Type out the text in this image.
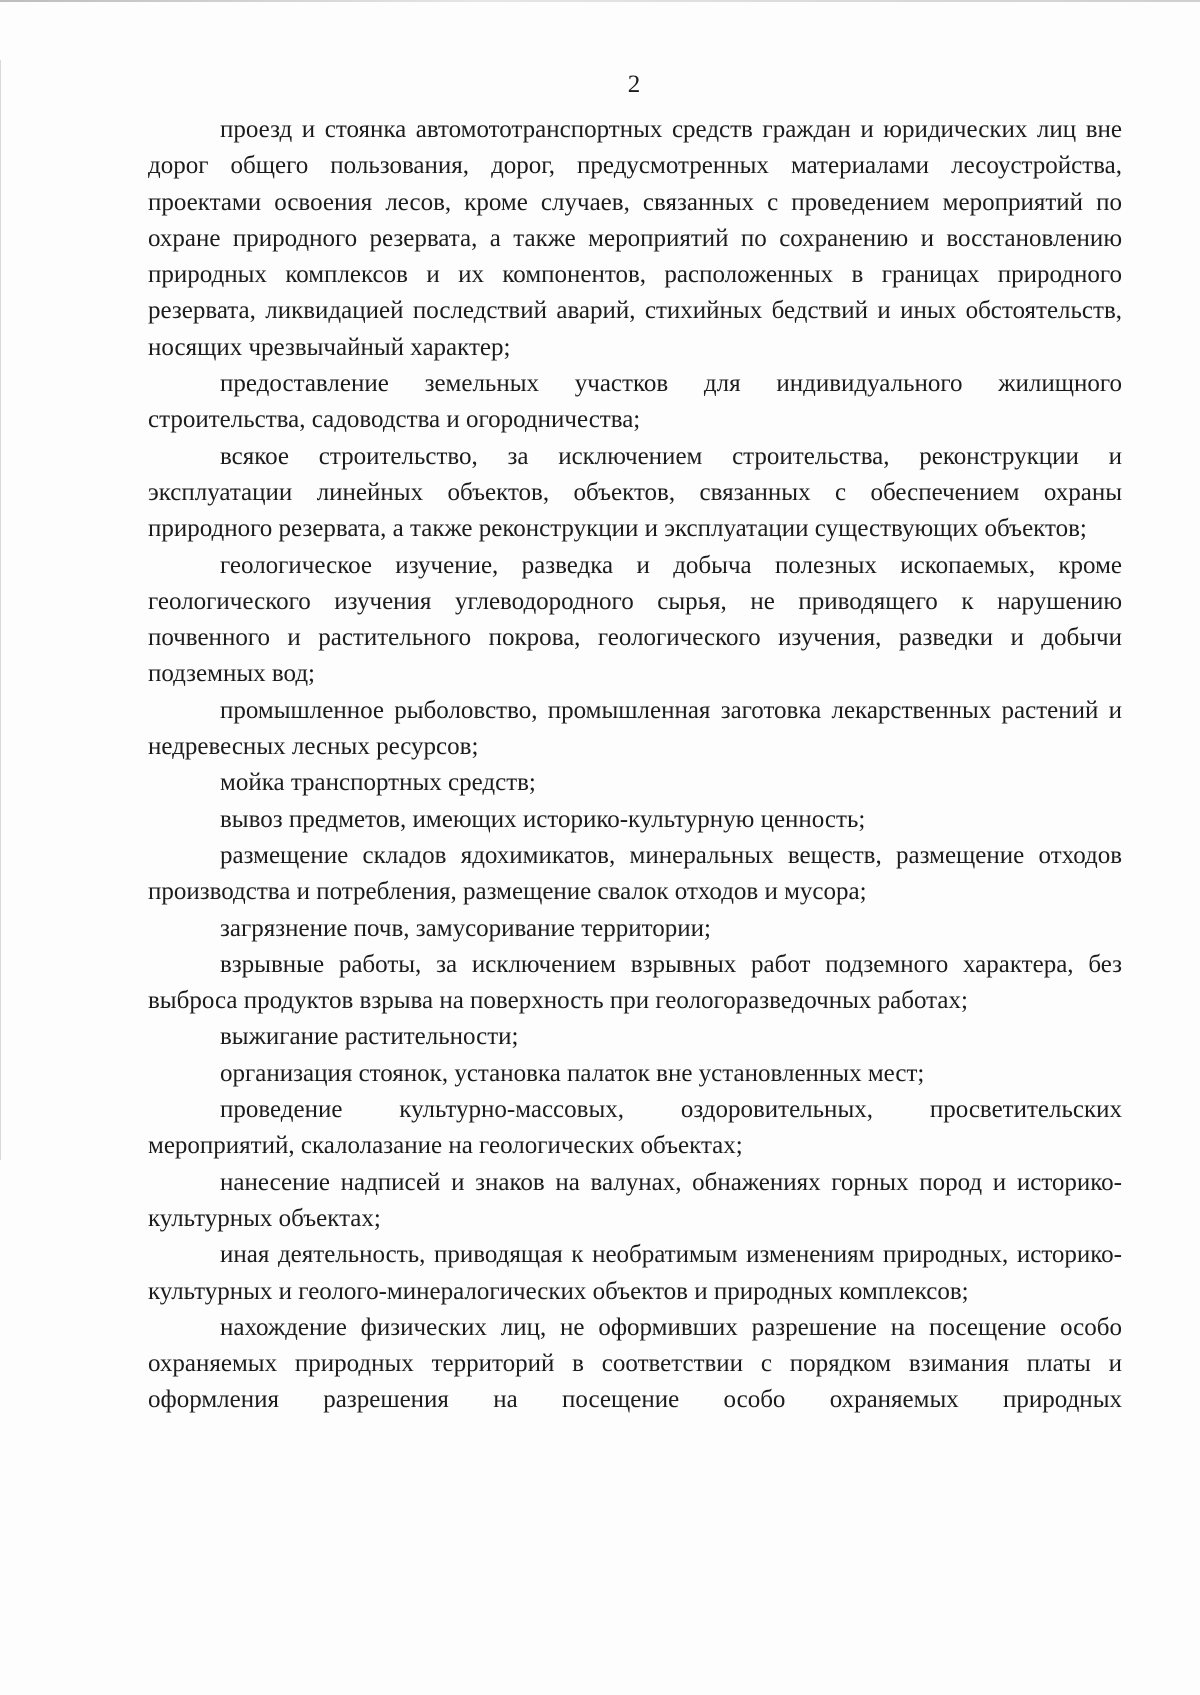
2

проезд и стоянка автомототранспортных средств граждан и юридических лиц вне дорог общего пользования, дорог, предусмотренных материалами лесоустройства, проектами освоения лесов, кроме случаев, связанных с проведением мероприятий по охране природного резервата, а также мероприятий по сохранению и восстановлению природных комплексов и их компонентов, расположенных в границах природного резервата, ликвидацией последствий аварий, стихийных бедствий и иных обстоятельств, носящих чрезвычайный характер;

предоставление земельных участков для индивидуального жилищного строительства, садоводства и огородничества;

всякое строительство, за исключением строительства, реконструкции и эксплуатации линейных объектов, объектов, связанных с обеспечением охраны природного резервата, а также реконструкции и эксплуатации существующих объектов;

геологическое изучение, разведка и добыча полезных ископаемых, кроме геологического изучения углеводородного сырья, не приводящего к нарушению почвенного и растительного покрова, геологического изучения, разведки и добычи подземных вод;

промышленное рыболовство, промышленная заготовка лекарственных растений и недревесных лесных ресурсов;

мойка транспортных средств;

вывоз предметов, имеющих историко-культурную ценность;

размещение складов ядохимикатов, минеральных веществ, размещение отходов производства и потребления, размещение свалок отходов и мусора;

загрязнение почв, замусоривание территории;

взрывные работы, за исключением взрывных работ подземного характера, без выброса продуктов взрыва на поверхность при геологоразведочных работах;

выжигание растительности;

организация стоянок, установка палаток вне установленных мест;

проведение культурно-массовых, оздоровительных, просветительских мероприятий, скалолазание на геологических объектах;

нанесение надписей и знаков на валунах, обнажениях горных пород и историко-культурных объектах;

иная деятельность, приводящая к необратимым изменениям природных, историко-культурных и геолого-минералогических объектов и природных комплексов;

нахождение физических лиц, не оформивших разрешение на посещение особо охраняемых природных территорий в соответствии с порядком взимания платы и оформления разрешения на посещение особо охраняемых природных
